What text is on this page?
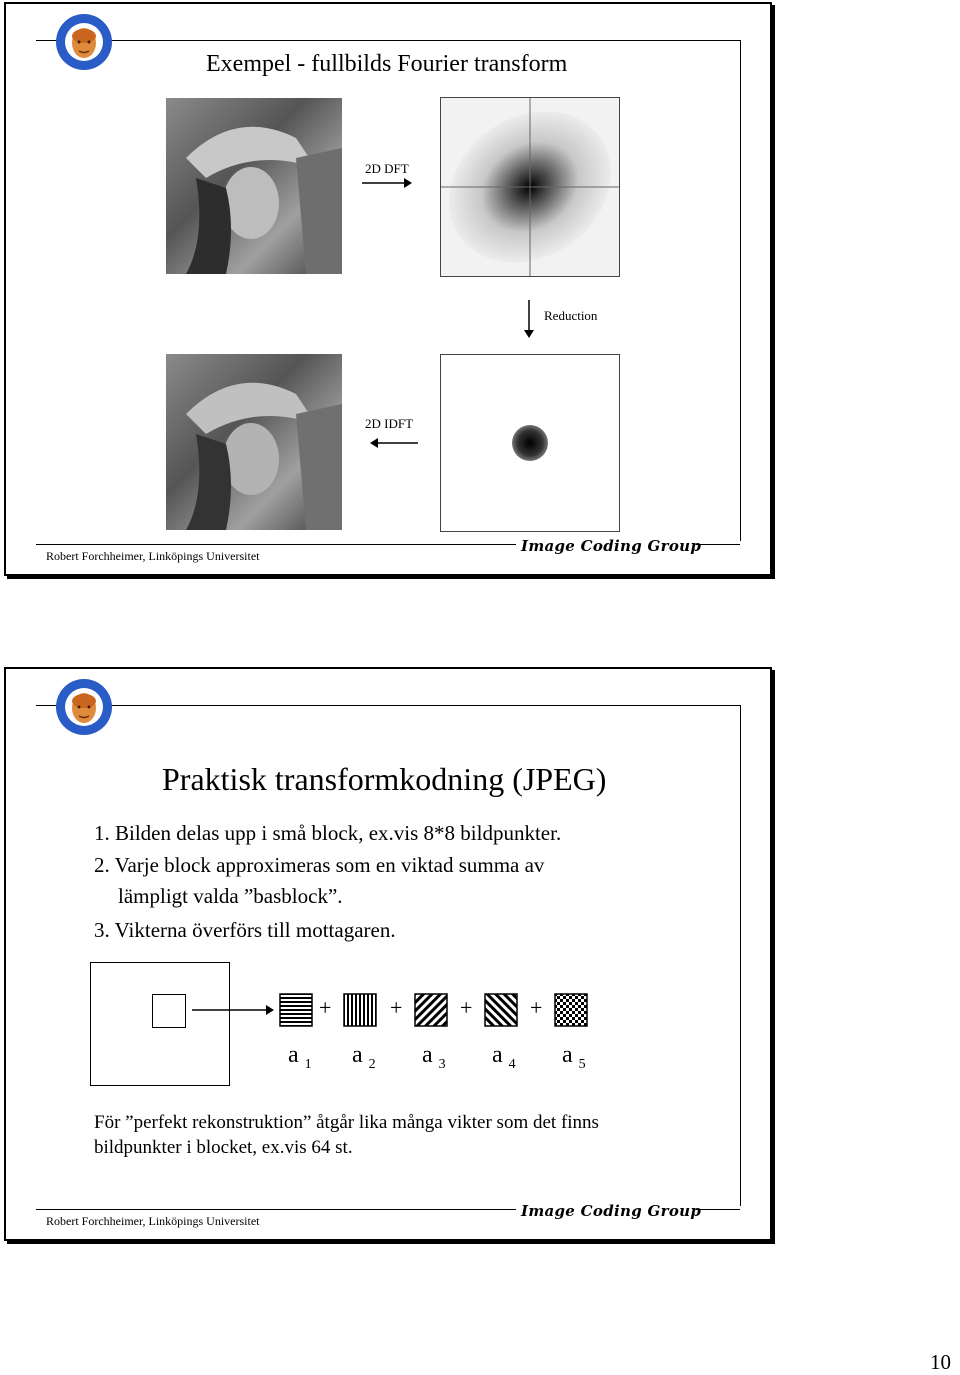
Exempel - fullbilds Fourier transform
2D DFT
Reduction
2D IDFT
Robert Forchheimer, Linköpings Universitet
Image Coding Group
Praktisk transformkodning (JPEG)
1. Bilden delas upp i små block, ex.vis 8*8 bildpunkter.
2. Varje block approximeras som en viktad summa av
lämpligt valda ”basblock”.
3. Vikterna överförs till mottagaren.
+	+	+	+
a $_1$ a $_2$ a $_3$ a $_4$ a $_5$
För ”perfekt rekonstruktion” åtgår lika många vikter som det finns
bildpunkter i blocket, ex.vis 64 st.
Robert Forchheimer, Linköpings Universitet
Image Coding Group
10
